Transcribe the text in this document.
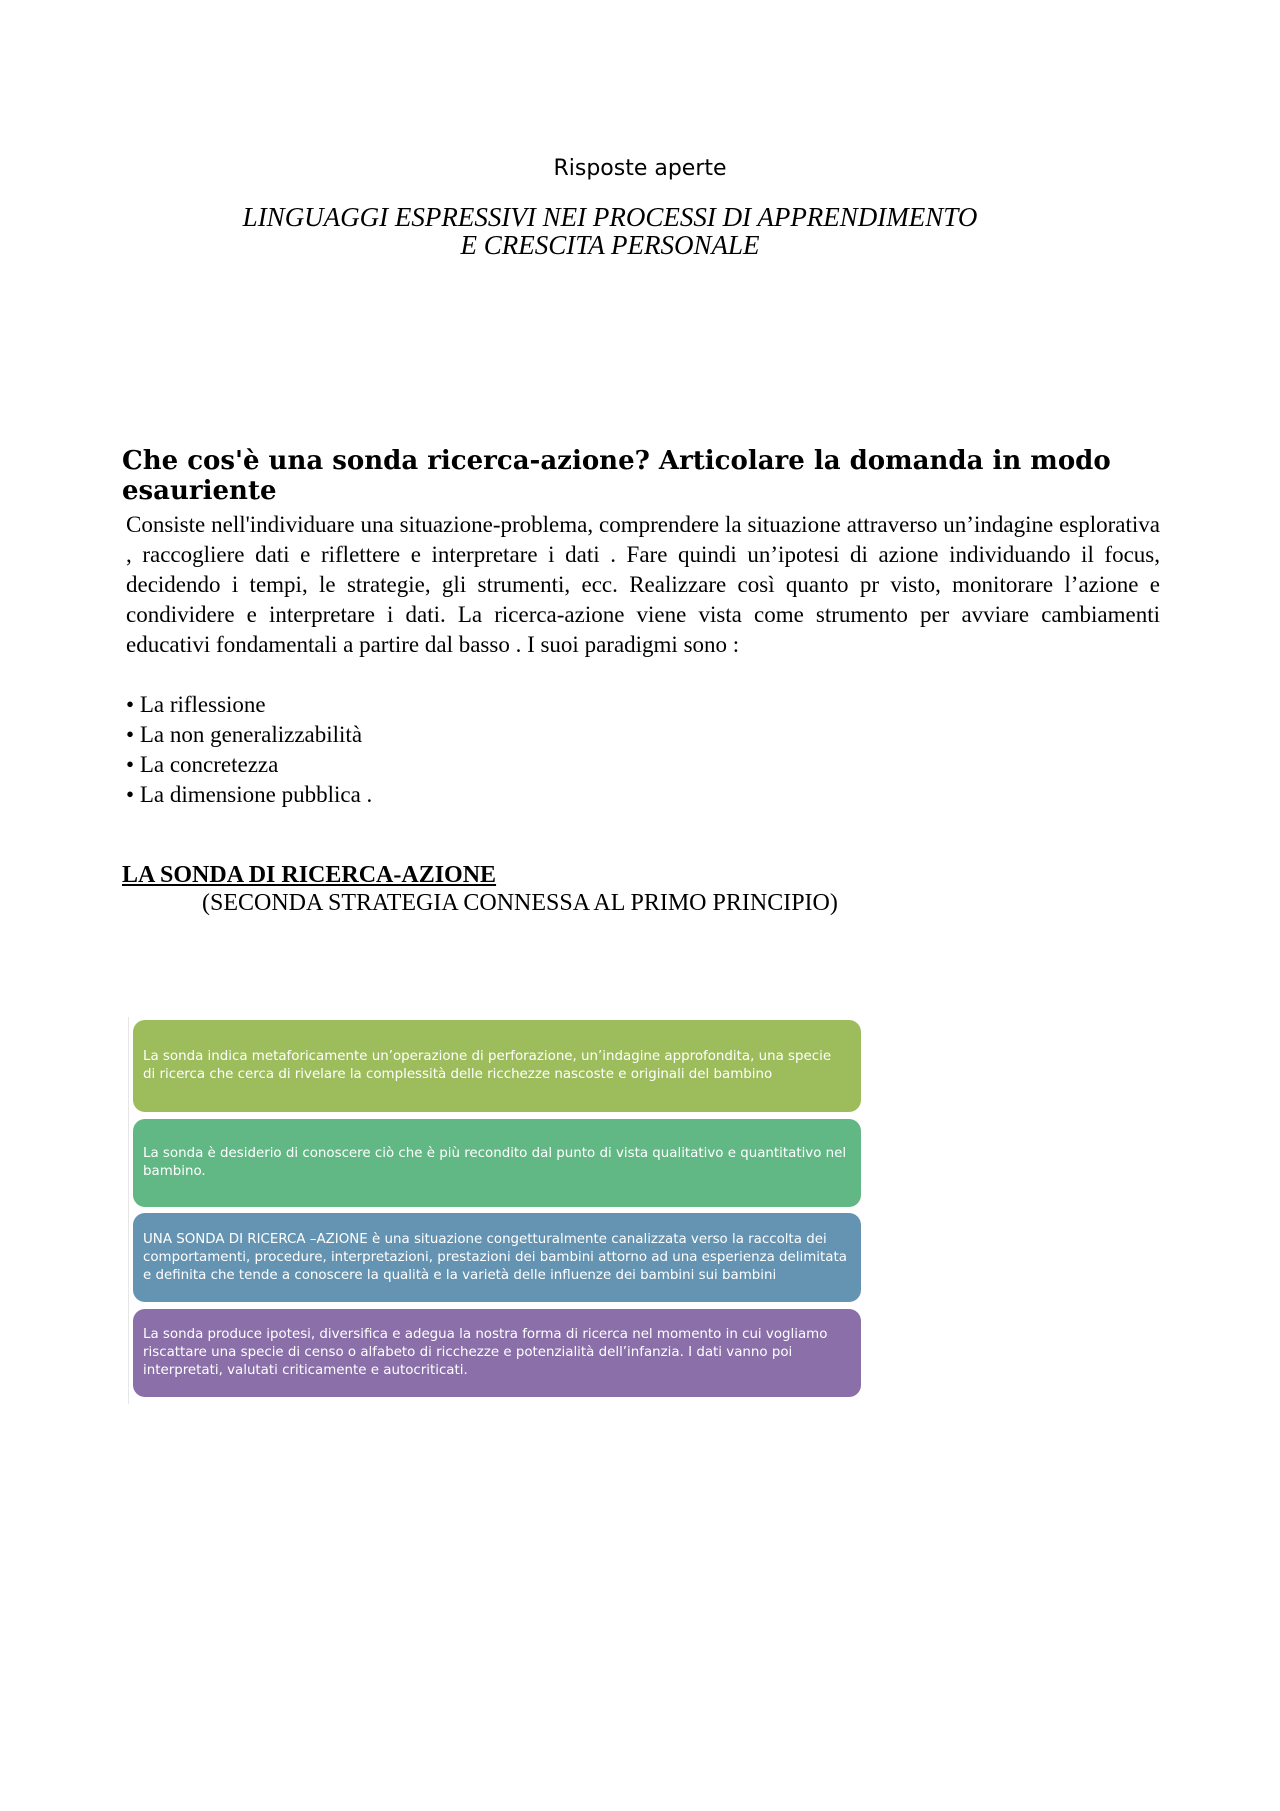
Risposte aperte
LINGUAGGI ESPRESSIVI NEI PROCESSI DI APPRENDIMENTO
E CRESCITA PERSONALE
Che cos'è una sonda ricerca-azione? Articolare la domanda in modo esauriente

Consiste nell'individuare una situazione-problema, comprendere la situazione attraverso un’indagine esplorativa , raccogliere dati e riflettere e interpretare i dati . Fare quindi un’ipotesi di azione individuando il focus, decidendo i tempi, le strategie, gli strumenti, ecc. Realizzare così quanto pr visto, monitorare l’azione e condividere e interpretare i dati. La ricerca-azione viene vista come strumento per avviare cambiamenti educativi fondamentali a partire dal basso . I suoi paradigmi sono :

• La riflessione
• La non generalizzabilità
• La concretezza
• La dimensione pubblica .
LA SONDA DI RICERCA-AZIONE
(SECONDA STRATEGIA CONNESSA AL PRIMO PRINCIPIO)

La sonda indica metaforicamente un’operazione di perforazione, un’indagine approfondita, una specie di ricerca che cerca di rivelare la complessità delle ricchezze nascoste e originali del bambino

La sonda è desiderio di conoscere ciò che è più recondito dal punto di vista qualitativo e quantitativo nel bambino.

UNA SONDA DI RICERCA –AZIONE è una situazione congetturalmente canalizzata verso la raccolta dei comportamenti, procedure, interpretazioni, prestazioni dei bambini attorno ad una esperienza delimitata e definita che tende a conoscere la qualità e la varietà delle influenze dei bambini sui bambini

La sonda produce ipotesi, diversifica e adegua la nostra forma di ricerca nel momento in cui vogliamo riscattare una specie di censo o alfabeto di ricchezze e potenzialità dell’infanzia. I dati vanno poi interpretati, valutati criticamente e autocriticati.
